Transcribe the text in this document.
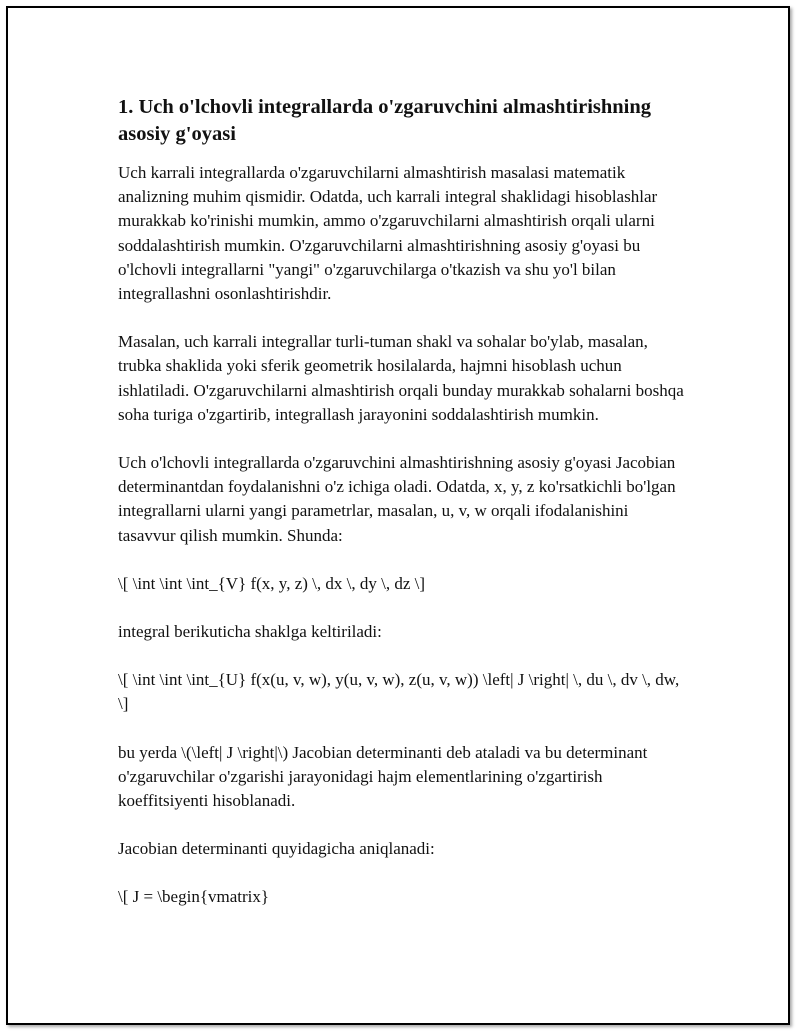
1. Uch o'lchovli integrallarda o'zgaruvchini almashtirishning asosiy g'oyasi

Uch karrali integrallarda o'zgaruvchilarni almashtirish masalasi matematik analizning muhim qismidir. Odatda, uch karrali integral shaklidagi hisoblashlar murakkab ko'rinishi mumkin, ammo o'zgaruvchilarni almashtirish orqali ularni soddalashtirish mumkin. O'zgaruvchilarni almashtirishning asosiy g'oyasi bu o'lchovli integrallarni "yangi" o'zgaruvchilarga o'tkazish va shu yo'l bilan integrallashni osonlashtirishdir.

Masalan, uch karrali integrallar turli-tuman shakl va sohalar bo'ylab, masalan, trubka shaklida yoki sferik geometrik hosilalarda, hajmni hisoblash uchun ishlatiladi. O'zgaruvchilarni almashtirish orqali bunday murakkab sohalarni boshqa soha turiga o'zgartirib, integrallash jarayonini soddalashtirish mumkin.

Uch o'lchovli integrallarda o'zgaruvchini almashtirishning asosiy g'oyasi Jacobian determinantdan foydalanishni o'z ichiga oladi. Odatda, x, y, z ko'rsatkichli bo'lgan integrallarni ularni yangi parametrlar, masalan, u, v, w orqali ifodalanishini tasavvur qilish mumkin. Shunda:

\[ \int \int \int_{V} f(x, y, z) \, dx \, dy \, dz \]

integral berikuticha shaklga keltiriladi:

\[ \int \int \int_{U} f(x(u, v, w), y(u, v, w), z(u, v, w)) \left| J \right| \, du \, dv \, dw, \]

bu yerda \(\left| J \right|\) Jacobian determinanti deb ataladi va bu determinant o'zgaruvchilar o'zgarishi jarayonidagi hajm elementlarining o'zgartirish koeffitsiyenti hisoblanadi.

Jacobian determinanti quyidagicha aniqlanadi:

\[ J = \begin{vmatrix}
